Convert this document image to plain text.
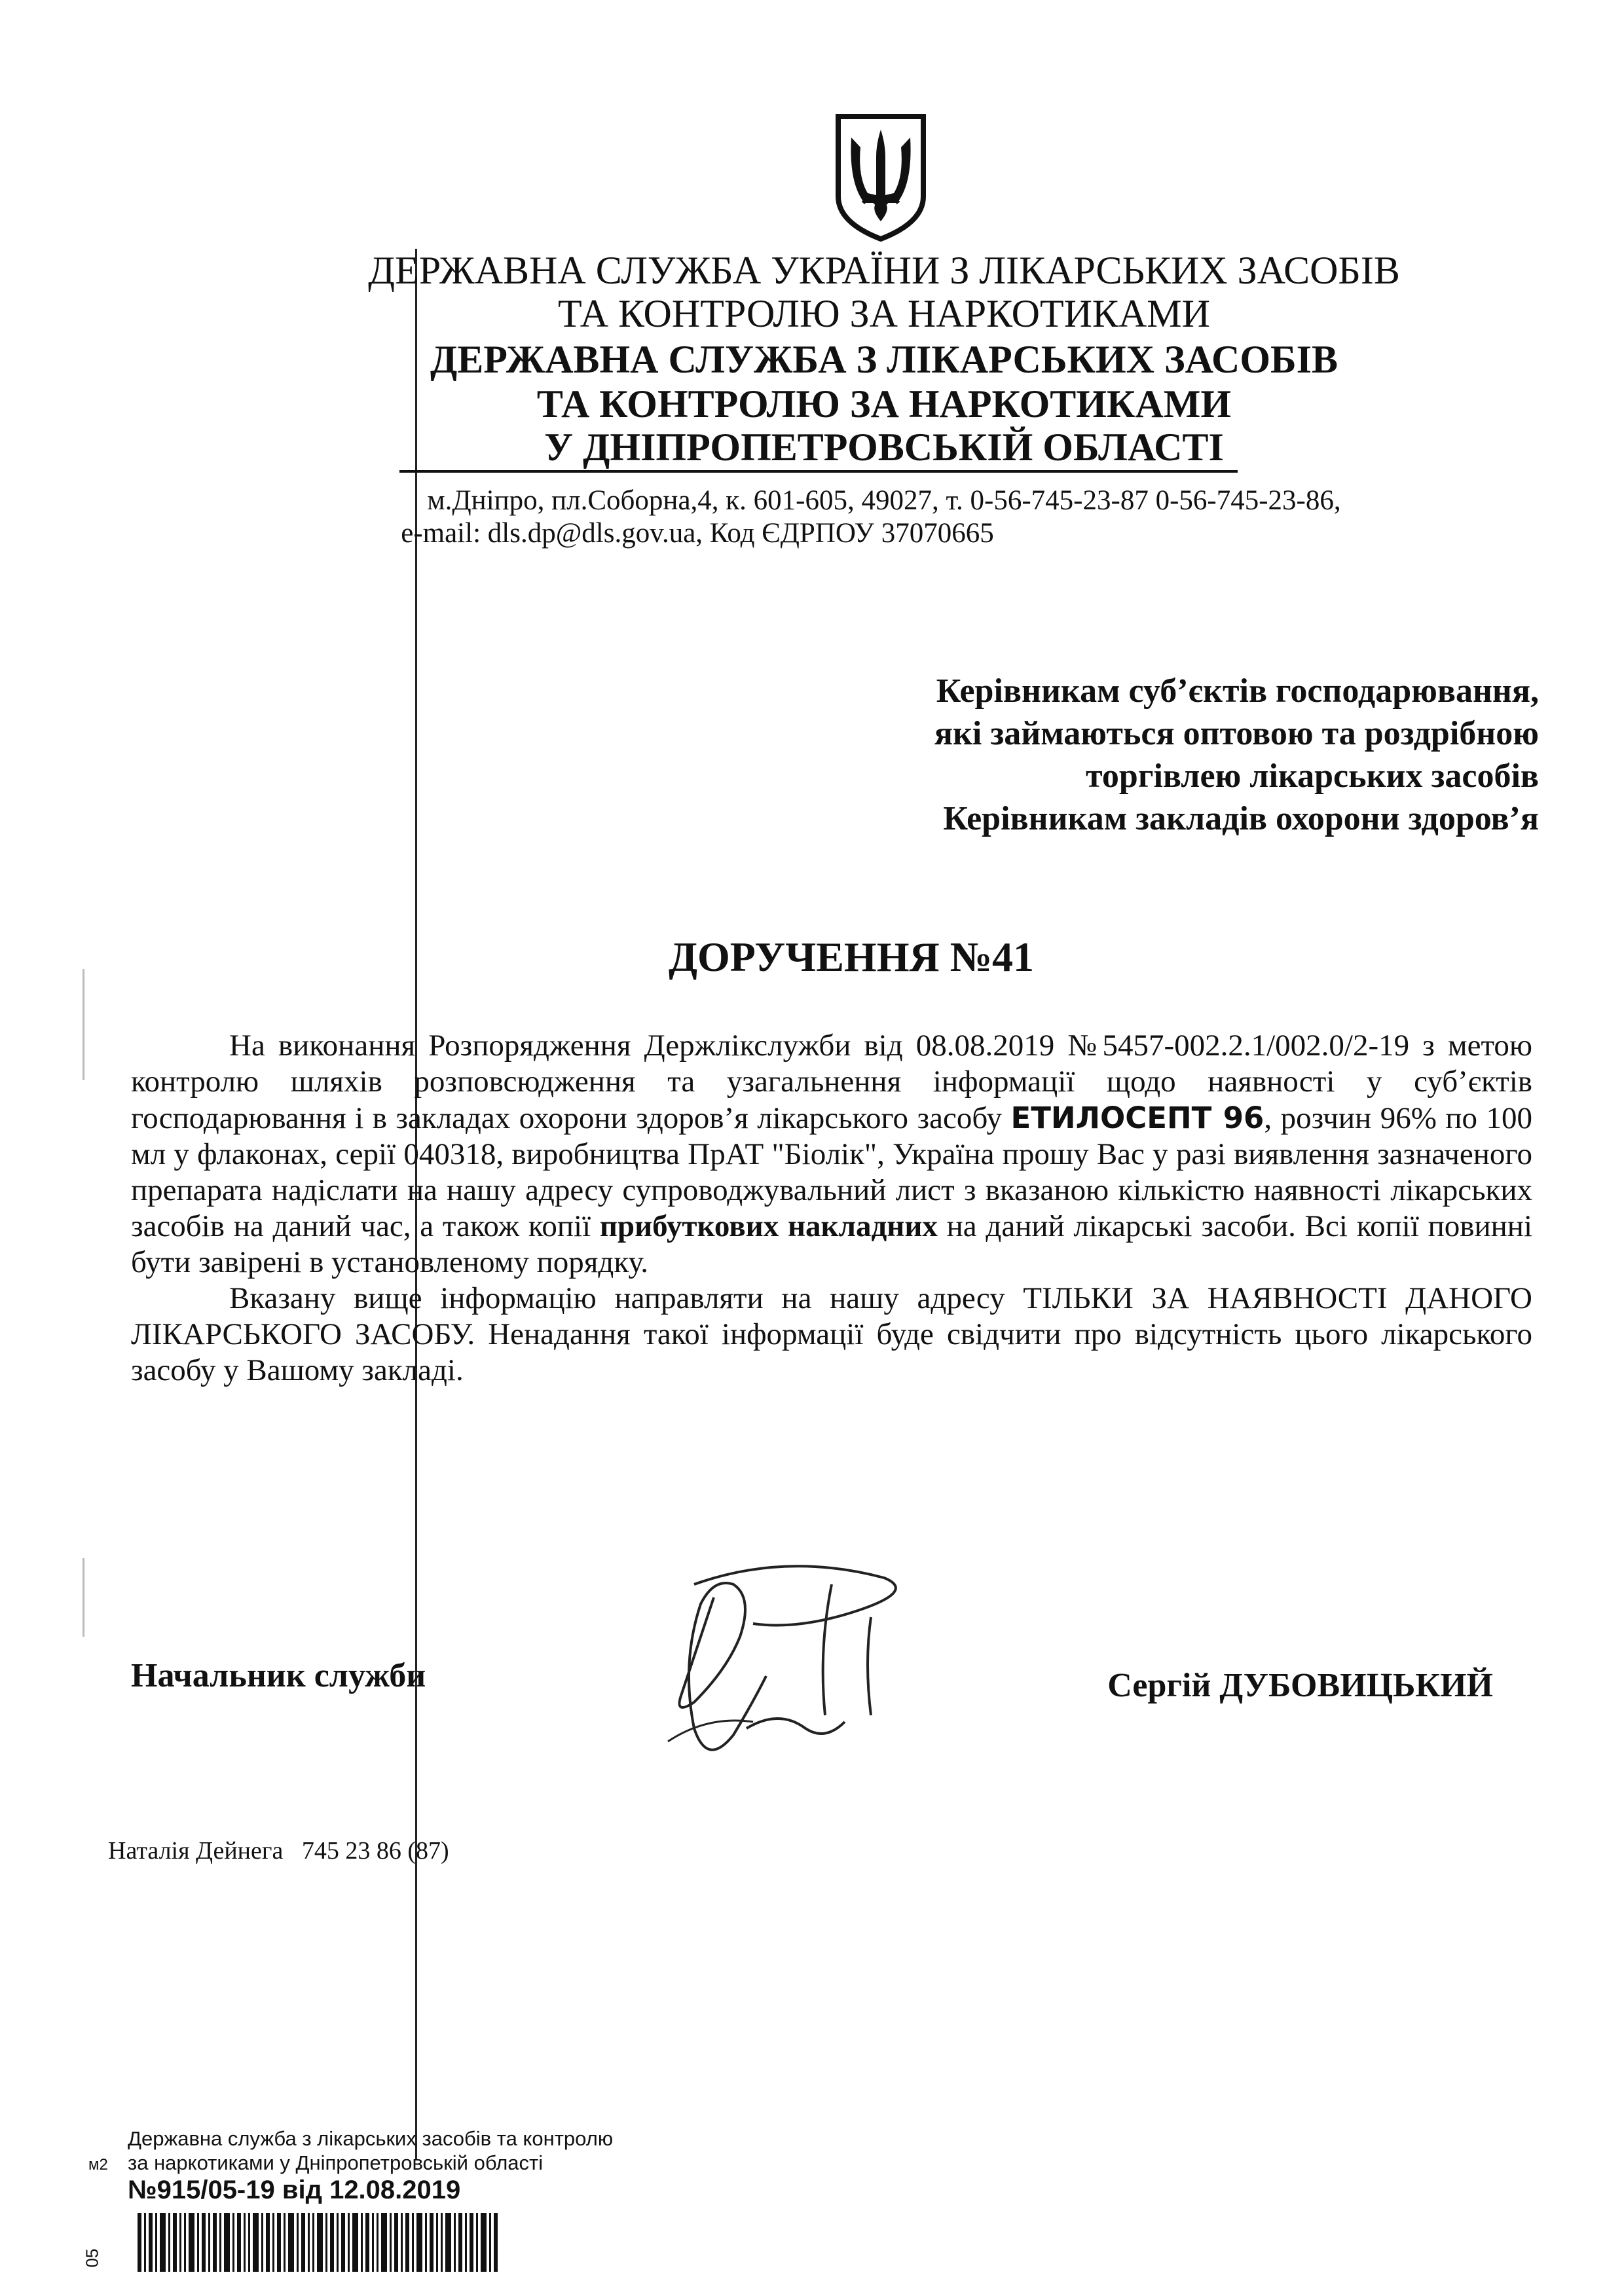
ДЕРЖАВНА СЛУЖБА УКРАЇНИ З ЛІКАРСЬКИХ ЗАСОБІВ
ТА КОНТРОЛЮ ЗА НАРКОТИКАМИ
ДЕРЖАВНА СЛУЖБА З ЛІКАРСЬКИХ ЗАСОБІВ
ТА КОНТРОЛЮ ЗА НАРКОТИКАМИ
У ДНІПРОПЕТРОВСЬКІЙ ОБЛАСТІ
м.Дніпро, пл.Соборна,4, к. 601-605, 49027, т. 0-56-745-23-87 0-56-745-23-86,
e-mail: dls.dp@dls.gov.ua, Код ЄДРПОУ 37070665
Керівникам суб’єктів господарювання,
які займаються оптовою та роздрібною
торгівлею лікарських засобів
Керівникам закладів охорони здоров’я
ДОРУЧЕННЯ №41

На виконання Розпорядження Держлікслужби від 08.08.2019 №5457-002.2.1/002.0/2-19 з метою контролю шляхів розповсюдження та узагальнення інформації щодо наявності у суб’єктів господарювання і в закладах охорони здоров’я лікарського засобу ЕТИЛОСЕПТ 96, розчин 96% по 100 мл у флаконах, серії 040318, виробництва ПрАТ "Біолік", Україна прошу Вас у разі виявлення зазначеного препарата надіслати на нашу адресу супроводжувальний лист з вказаною кількістю наявності лікарських засобів на даний час, а також копії прибуткових накладних на даний лікарські засоби. Всі копії повинні бути завірені в установленому порядку.

Вказану вище інформацію направляти на нашу адресу ТІЛЬКИ ЗА НАЯВНОСТІ ДАНОГО ЛІКАРСЬКОГО ЗАСОБУ. Ненадання такої інформації буде свідчити про відсутність цього лікарського засобу у Вашому закладі.

Начальник служби	Сергій ДУБОВИЦЬКИЙ
Наталія Дейнега   745 23 86 (87)
Державна служба з лікарських засобів та контролю
м2 за наркотиками у Дніпропетровській області
№915/05-19 від 12.08.2019
05
